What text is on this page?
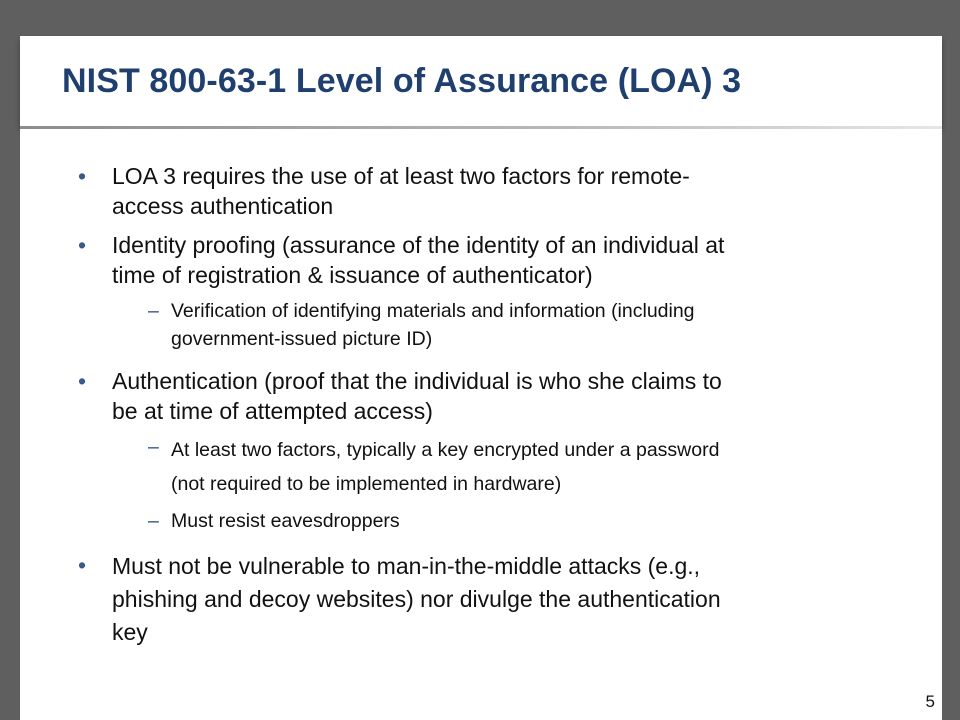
NIST 800-63-1 Level of Assurance (LOA) 3
• LOA 3 requires the use of at least two factors for remote-
access authentication
• Identity proofing (assurance of the identity of an individual at
time of registration & issuance of authenticator)
– Verification of identifying materials and information (including
government-issued picture ID)
• Authentication (proof that the individual is who she claims to
be at time of attempted access)
– At least two factors, typically a key encrypted under a password
(not required to be implemented in hardware)
– Must resist eavesdroppers
• Must not be vulnerable to man-in-the-middle attacks (e.g.,
phishing and decoy websites) nor divulge the authentication
key
5
